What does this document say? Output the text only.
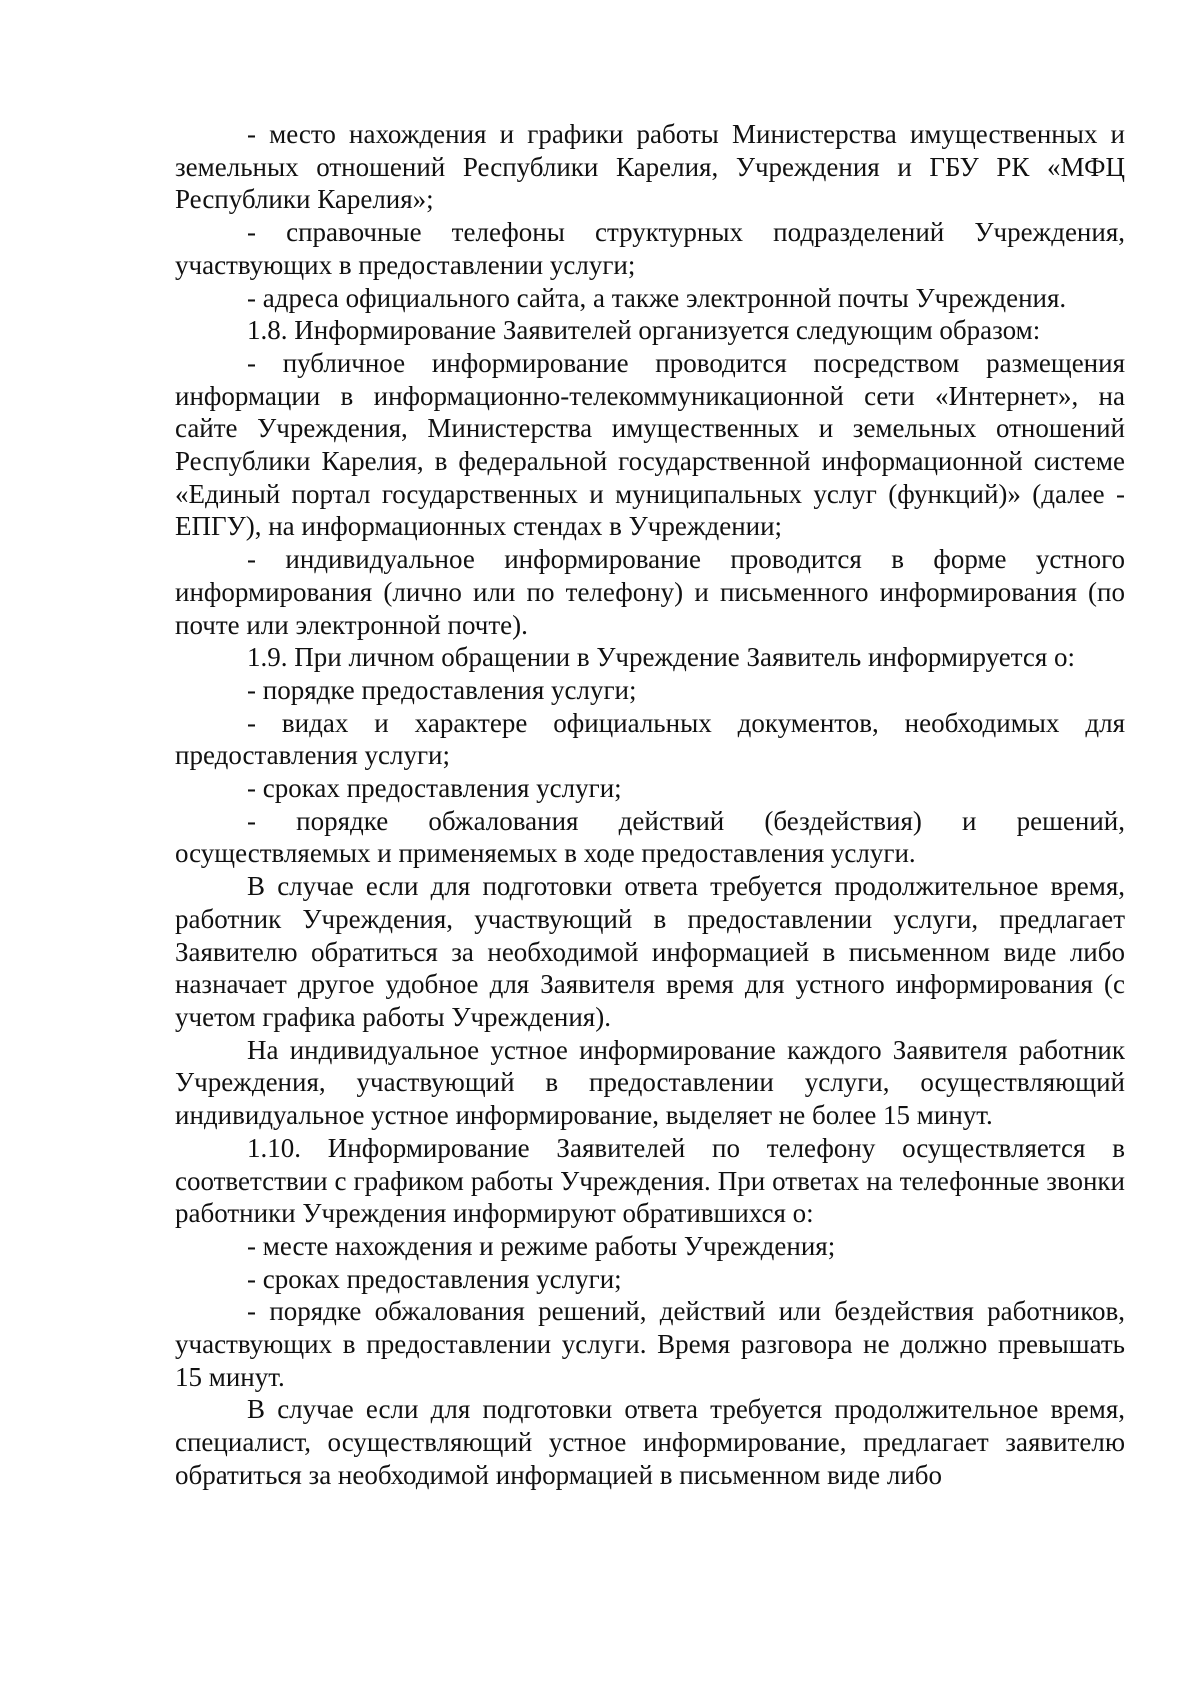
- место нахождения и графики работы Министерства имущественных и земельных отношений Республики Карелия, Учреждения и ГБУ РК «МФЦ Республики Карелия»;

- справочные телефоны структурных подразделений Учреждения, участвующих в предоставлении услуги;

- адреса официального сайта, а также электронной почты Учреждения.

1.8. Информирование Заявителей организуется следующим образом:

- публичное информирование проводится посредством размещения информации в информационно-телекоммуникационной сети «Интернет», на сайте Учреждения, Министерства имущественных и земельных отношений Республики Карелия, в федеральной государственной информационной системе «Единый портал государственных и муниципальных услуг (функций)» (далее - ЕПГУ), на информационных стендах в Учреждении;

- индивидуальное информирование проводится в форме устного информирования (лично или по телефону) и письменного информирования (по почте или электронной почте).

1.9. При личном обращении в Учреждение Заявитель информируется о:

- порядке предоставления услуги;

- видах и характере официальных документов, необходимых для предоставления услуги;

- сроках предоставления услуги;

- порядке обжалования действий (бездействия) и решений, осуществляемых и применяемых в ходе предоставления услуги.

В случае если для подготовки ответа требуется продолжительное время, работник Учреждения, участвующий в предоставлении услуги, предлагает Заявителю обратиться за необходимой информацией в письменном виде либо назначает другое удобное для Заявителя время для устного информирования (с учетом графика работы Учреждения).

На индивидуальное устное информирование каждого Заявителя работник Учреждения, участвующий в предоставлении услуги, осуществляющий индивидуальное устное информирование, выделяет не более 15 минут.

1.10. Информирование Заявителей по телефону осуществляется в соответствии с графиком работы Учреждения. При ответах на телефонные звонки работники Учреждения информируют обратившихся о:

- месте нахождения и режиме работы Учреждения;

- сроках предоставления услуги;

- порядке обжалования решений, действий или бездействия работников, участвующих в предоставлении услуги. Время разговора не должно превышать 15 минут.

В случае если для подготовки ответа требуется продолжительное время, специалист, осуществляющий устное информирование, предлагает заявителю обратиться за необходимой информацией в письменном виде либо
